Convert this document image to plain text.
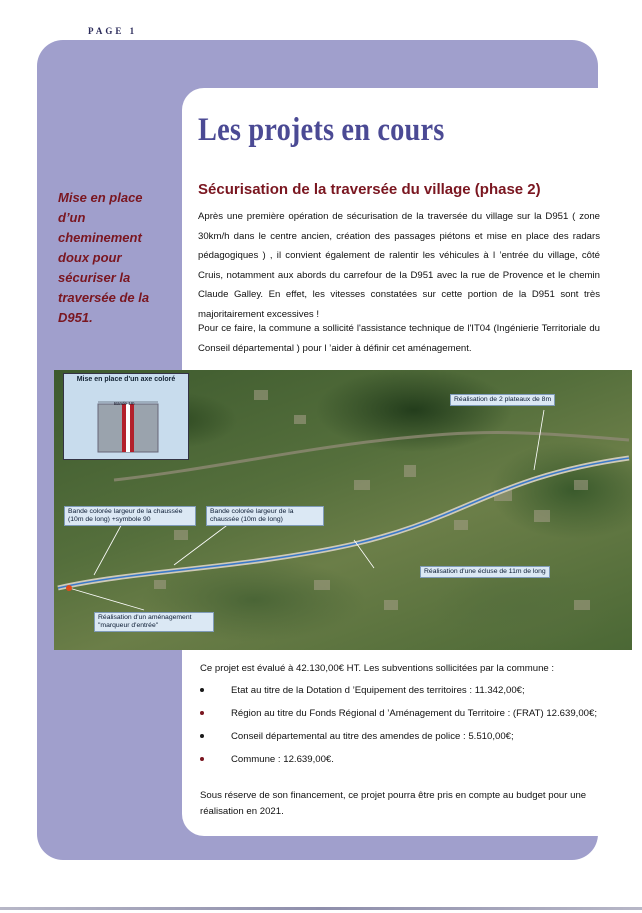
PAGE 1
Les projets en cours
Mise en place d’un cheminement doux pour sécuriser la traversée de la D951.
Sécurisation de la traversée du village (phase 2)

Après une première opération de sécurisation de la traversée du village sur la D951 ( zone 30km/h dans le centre ancien, création des passages piétons et mise en place des radars pédagogiques ) , il convient également de ralentir les véhicules à l ’entrée du village, côté Cruis, notamment aux abords du carrefour de la D951 avec la rue de Provence et le chemin Claude Galley. En effet, les vitesses constatées sur cette portion de la D951 sont très majoritairement excessives !

Pour ce faire, la commune a sollicité l'assistance technique de l'IT04 (Ingénierie Territoriale du Conseil départemental ) pour l ’aider à définir cet aménagement.

Mise en place d'un axe coloré
Bande 1m
Réalisation de 2 plateaux de 8m
Bande colorée largeur de la chaussée (10m de long) +symbole 90
Bande colorée largeur de la chaussée (10m de long)
Réalisation d'une écluse de 11m de long
Réalisation d'un aménagement "marqueur d'entrée"

Ce projet est évalué à 42.130,00€ HT. Les subventions sollicitées par la commune :

Etat au titre de la Dotation d ’Equipement des territoires : 11.342,00€;
Région au titre du Fonds Régional d ’Aménagement du Territoire : (FRAT) 12.639,00€;
Conseil départemental au titre des amendes de police : 5.510,00€;
Commune : 12.639,00€.

Sous réserve de son financement, ce projet pourra être pris en compte au budget pour une réalisation en 2021.
